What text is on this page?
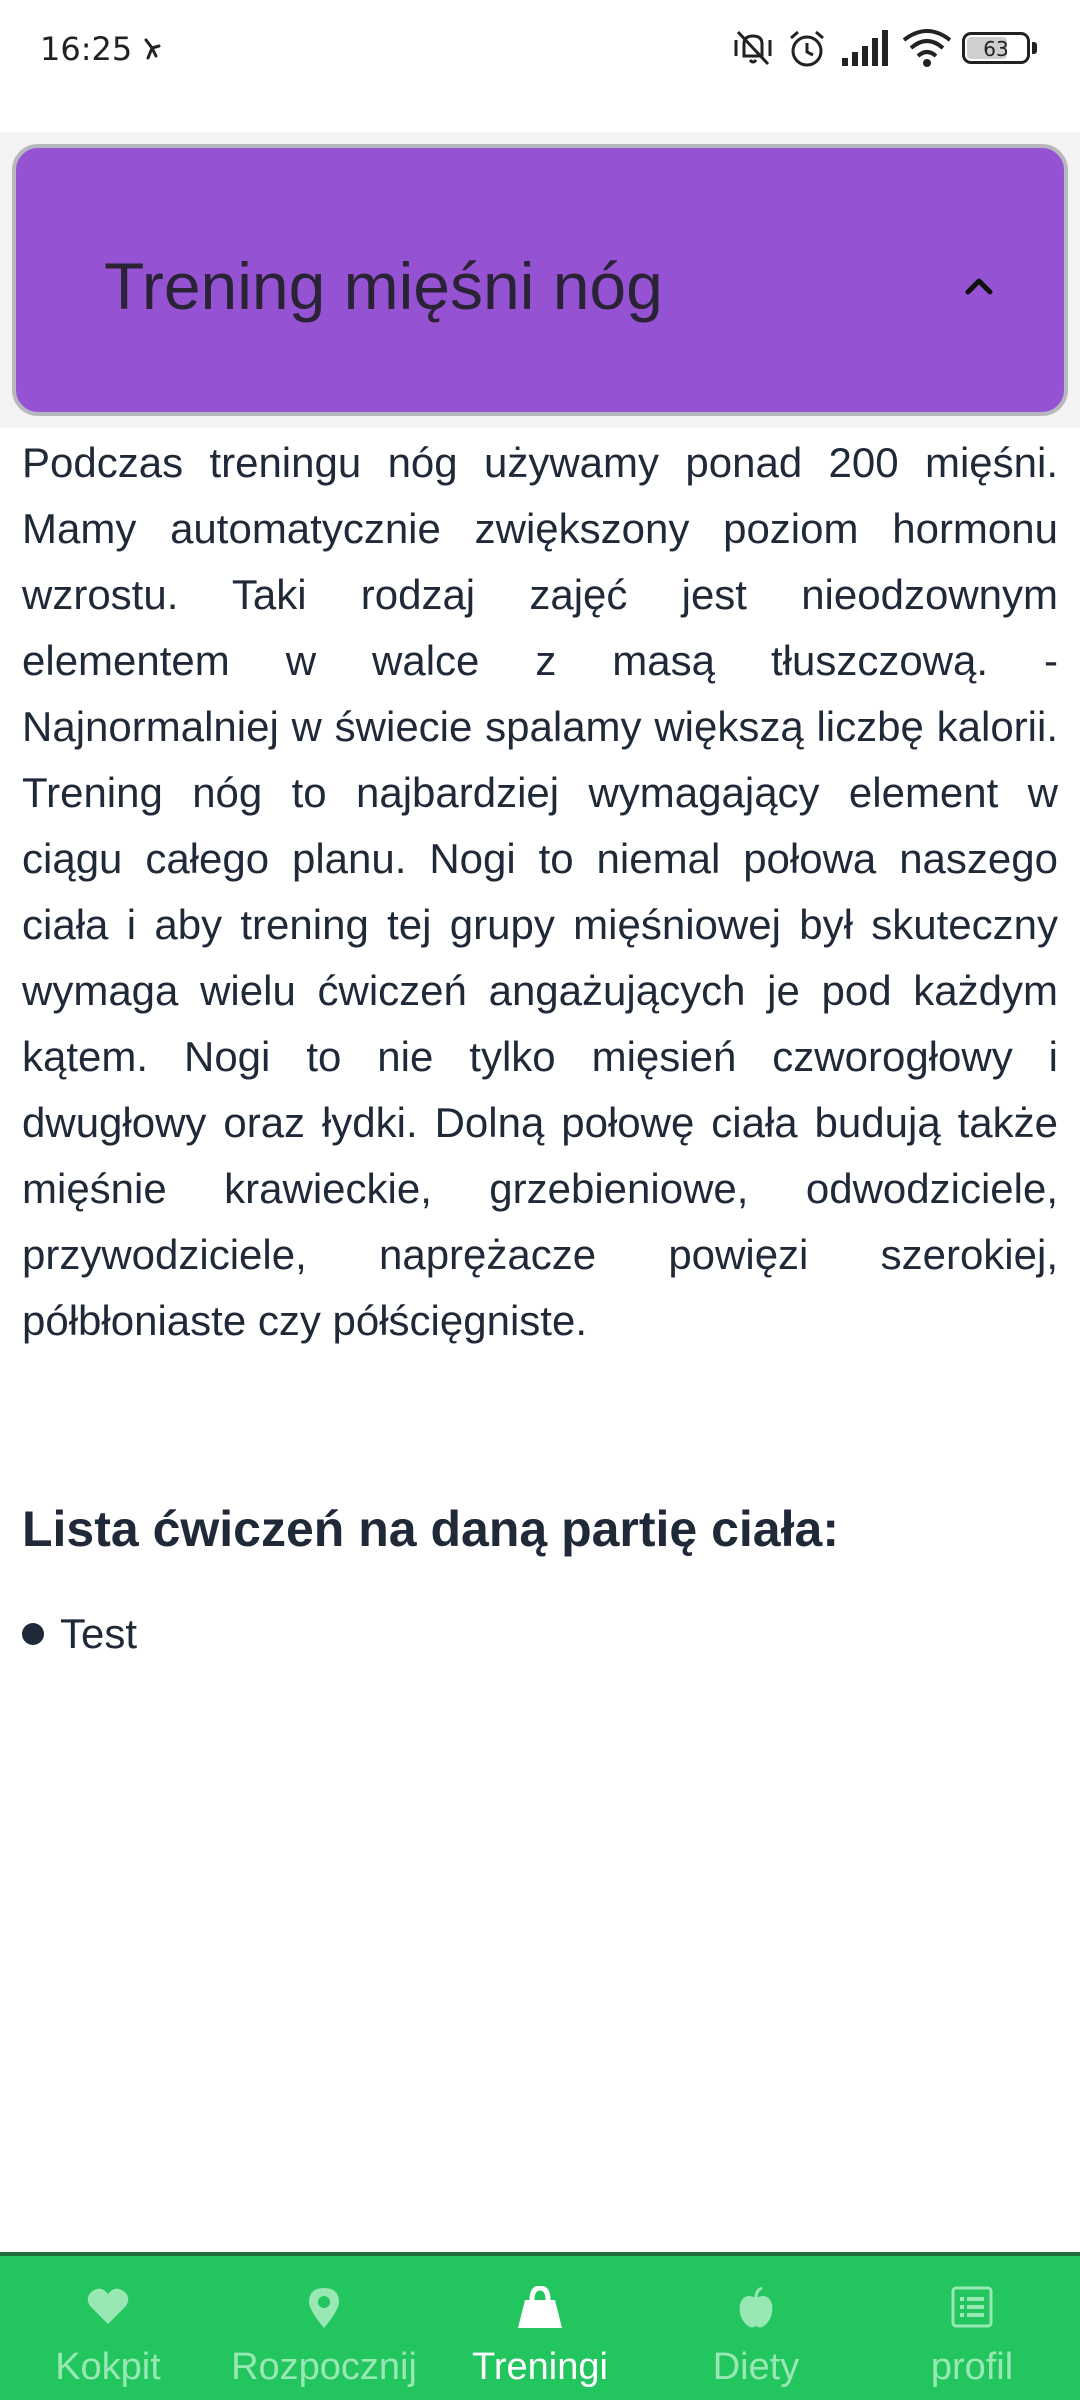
16:25	63
Trening mięśni nóg

Podczas treningu nóg używamy ponad 200 mięśni. Mamy automatycznie zwiększony poziom hormonu wzrostu. Taki rodzaj zajęć jest nieodzownym elementem w walce z masą tłuszczową. - Najnormalniej w świecie spalamy większą liczbę kalorii. Trening nóg to najbardziej wymagający element w ciągu całego planu. Nogi to niemal połowa naszego ciała i aby trening tej grupy mięśniowej był skuteczny wymaga wielu ćwiczeń angażujących je pod każdym kątem. Nogi to nie tylko mięsień czworogłowy i dwugłowy oraz łydki. Dolną połowę ciała budują także mięśnie krawieckie, grzebieniowe, odwodziciele, przywodziciele, naprężacze powięzi szerokiej, półbłoniaste czy półścięgniste.

Lista ćwiczeń na daną partię ciała:
Test
Kokpit	Rozpocznij	Treningi	Diety	profil
